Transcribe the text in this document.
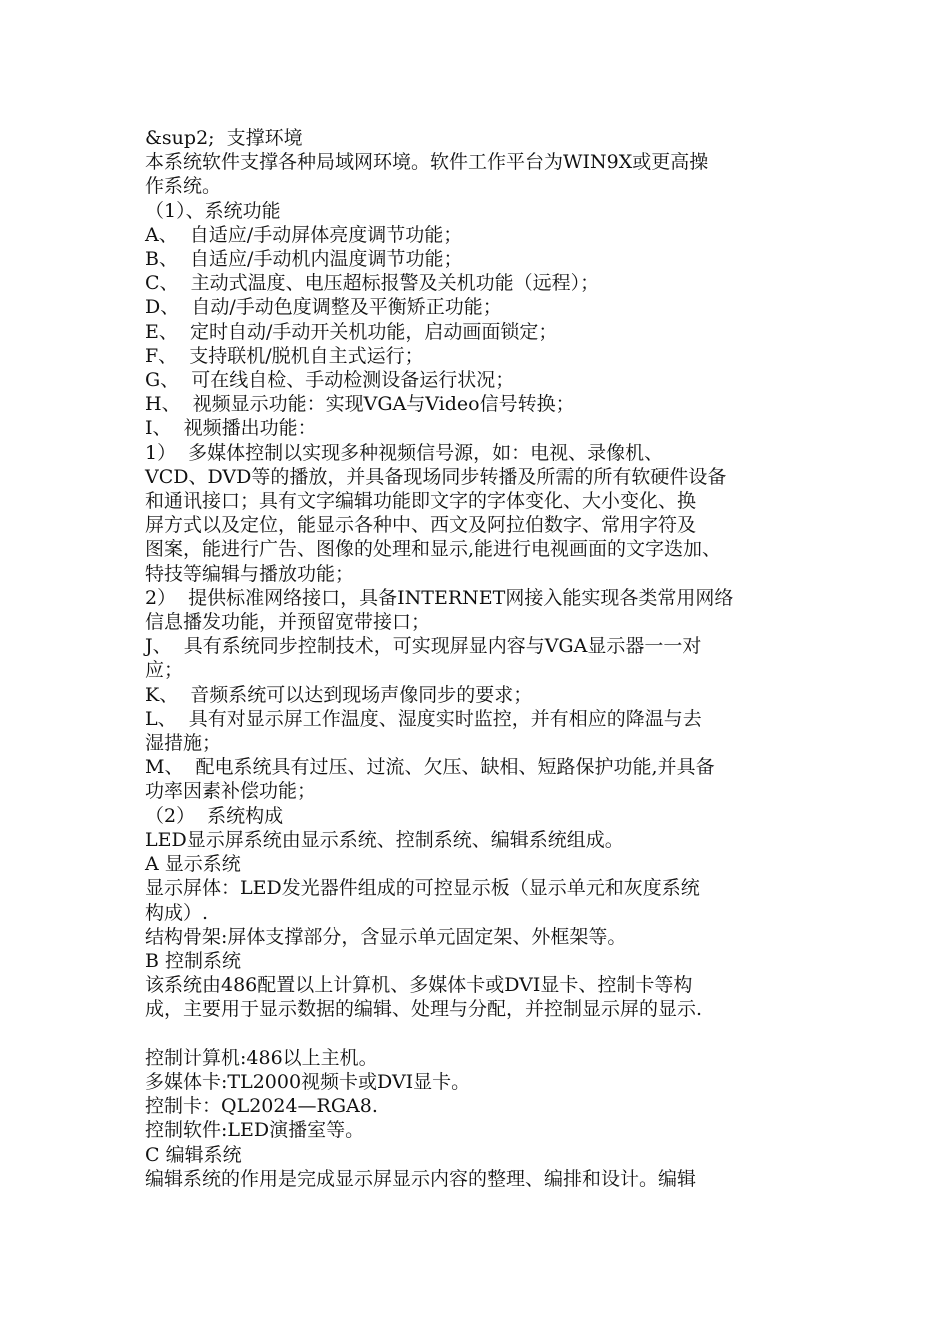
&sup2;  支撑环境
本系统软件支撑各种局域网环境。软件工作平台为WIN9X或更高操
作系统。
（1）、系统功能
A、  自适应/手动屏体亮度调节功能；
B、  自适应/手动机内温度调节功能；
C、  主动式温度、电压超标报警及关机功能（远程）；
D、  自动/手动色度调整及平衡矫正功能；
E、  定时自动/手动开关机功能，启动画面锁定；
F、  支持联机/脱机自主式运行；
G、  可在线自检、手动检测设备运行状况；
H、  视频显示功能：实现VGA与Video信号转换；
I、  视频播出功能：
1）  多媒体控制以实现多种视频信号源，如：电视、录像机、
VCD、DVD等的播放，并具备现场同步转播及所需的所有软硬件设备
和通讯接口；具有文字编辑功能即文字的字体变化、大小变化、换
屏方式以及定位，能显示各种中、西文及阿拉伯数字、常用字符及
图案，能进行广告、图像的处理和显示,能进行电视画面的文字迭加、
特技等编辑与播放功能；
2）  提供标准网络接口，具备INTERNET网接入能实现各类常用网络
信息播发功能，并预留宽带接口；
J、  具有系统同步控制技术，可实现屏显内容与VGA显示器一一对
应；
K、  音频系统可以达到现场声像同步的要求；
L、  具有对显示屏工作温度、湿度实时监控，并有相应的降温与去
湿措施；
M、  配电系统具有过压、过流、欠压、缺相、短路保护功能,并具备
功率因素补偿功能；
（2）  系统构成
LED显示屏系统由显示系统、控制系统、编辑系统组成。
A 显示系统
显示屏体：LED发光器件组成的可控显示板（显示单元和灰度系统
构成）.
结构骨架:屏体支撑部分，含显示单元固定架、外框架等。
B 控制系统
该系统由486配置以上计算机、多媒体卡或DVI显卡、控制卡等构
成，主要用于显示数据的编辑、处理与分配，并控制显示屏的显示.
控制计算机:486以上主机。
多媒体卡:TL2000视频卡或DVI显卡。
控制卡：QL2024—RGA8.
控制软件:LED演播室等。
C 编辑系统
编辑系统的作用是完成显示屏显示内容的整理、编排和设计。编辑
